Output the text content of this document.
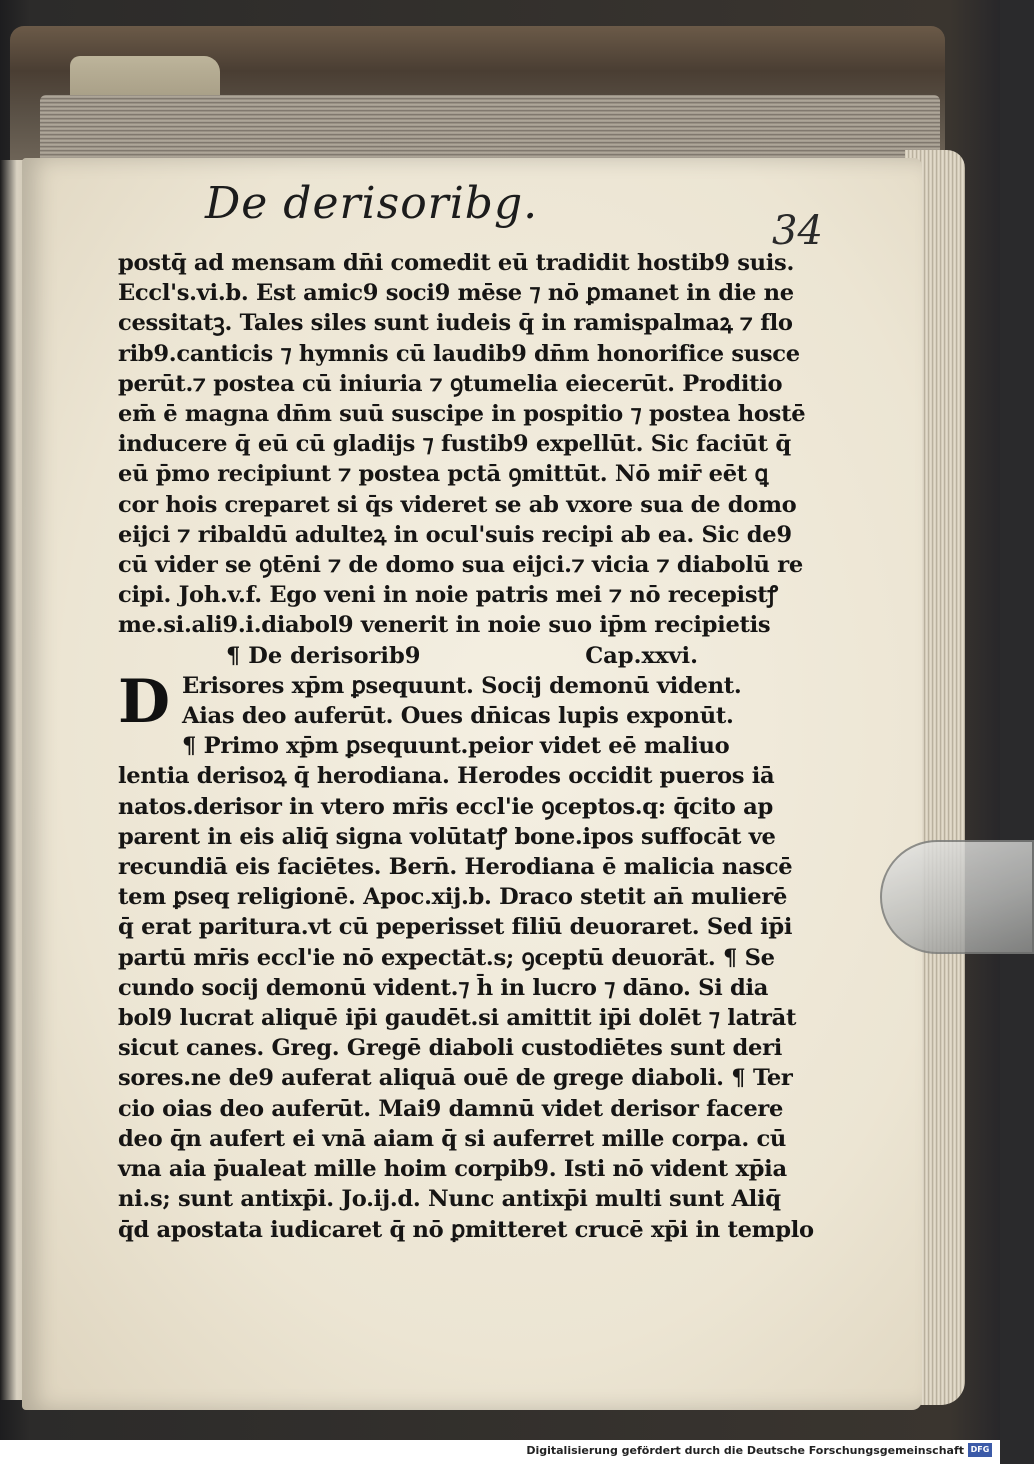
De derisoribg.
34
postq̄ ad mensam dn̄i comedit eū tradidit hostib9 suis.
Eccl's.vi.b. Est amic9 soci9 mēse ⁊ nō ꝑmanet in die ne
cessitatꝫ. Tales siles sunt iudeis q̄ in ramispalmaꝝ ⁊ flo
rib9.canticis ⁊ hymnis cū laudib9 dn̄m honorifice susce
perūt.⁊ postea cū iniuria ⁊ ꝯtumelia eiecerūt. Proditio
em̄ ē magna dn̄m suū suscipe in pospitio ⁊ postea hostē
inducere q̄ eū cū gladijs ⁊ fustib9 expellūt. Sic faciūt q̄
eū p̄mo recipiunt ⁊ postea pctā ꝯmittūt. Nō mir̄ eēt ꝗ
cor hois creparet si q̄s videret se ab vxore sua de domo
eijci ⁊ ribaldū adulteꝝ in ocul'suis recipi ab ea. Sic de9
cū vider se ꝯtēni ⁊ de domo sua eijci.⁊ vicia ⁊ diabolū re
cipi. Joh.v.f. Ego veni in noie patris mei ⁊ nō recepistꝭ
me.si.ali9.i.diabol9 venerit in noie suo ip̄m recipietis
¶ De derisorib9	Cap.xxvi.
D Erisores xp̄m ꝑsequunt. Socij demonū vident.
Aias deo auferūt. Oues dn̄icas lupis exponūt.
¶ Primo xp̄m ꝑsequunt.peior videt eē maliuo
lentia derisoꝝ q̄ herodiana. Herodes occidit pueros iā
natos.derisor in vtero mr̄is eccl'ie ꝯceptos.q: q̄cito ap
parent in eis aliq̄ signa volūtatꝭ bone.ipos suffocāt ve
recundiā eis faciētes. Bern̄. Herodiana ē malicia nascē
tem ꝑseq religionē. Apoc.xij.b. Draco stetit an̄ mulierē
q̄ erat paritura.vt cū peperisset filiū deuoraret. Sed ip̄i
partū mr̄is eccl'ie nō expectāt.s; ꝯceptū deuorāt. ¶ Se
cundo socij demonū vident.⁊ h̄ in lucro ⁊ dāno. Si dia
bol9 lucrat aliquē ip̄i gaudēt.si amittit ip̄i dolēt ⁊ latrāt
sicut canes. Greg. Gregē diaboli custodiētes sunt deri
sores.ne de9 auferat aliquā ouē de grege diaboli. ¶ Ter
cio oias deo auferūt. Mai9 damnū videt derisor facere
deo q̄n aufert ei vnā aiam q̄ si auferret mille corpa. cū
vna aia p̄ualeat mille hoim corpib9. Isti nō vident xp̄ia
ni.s; sunt antixp̄i. Jo.ij.d. Nunc antixp̄i multi sunt Aliq̄
q̄d apostata iudicaret q̄ nō ꝑmitteret crucē xp̄i in templo
Digitalisierung gefördert durch die Deutsche Forschungsgemeinschaft DFG
